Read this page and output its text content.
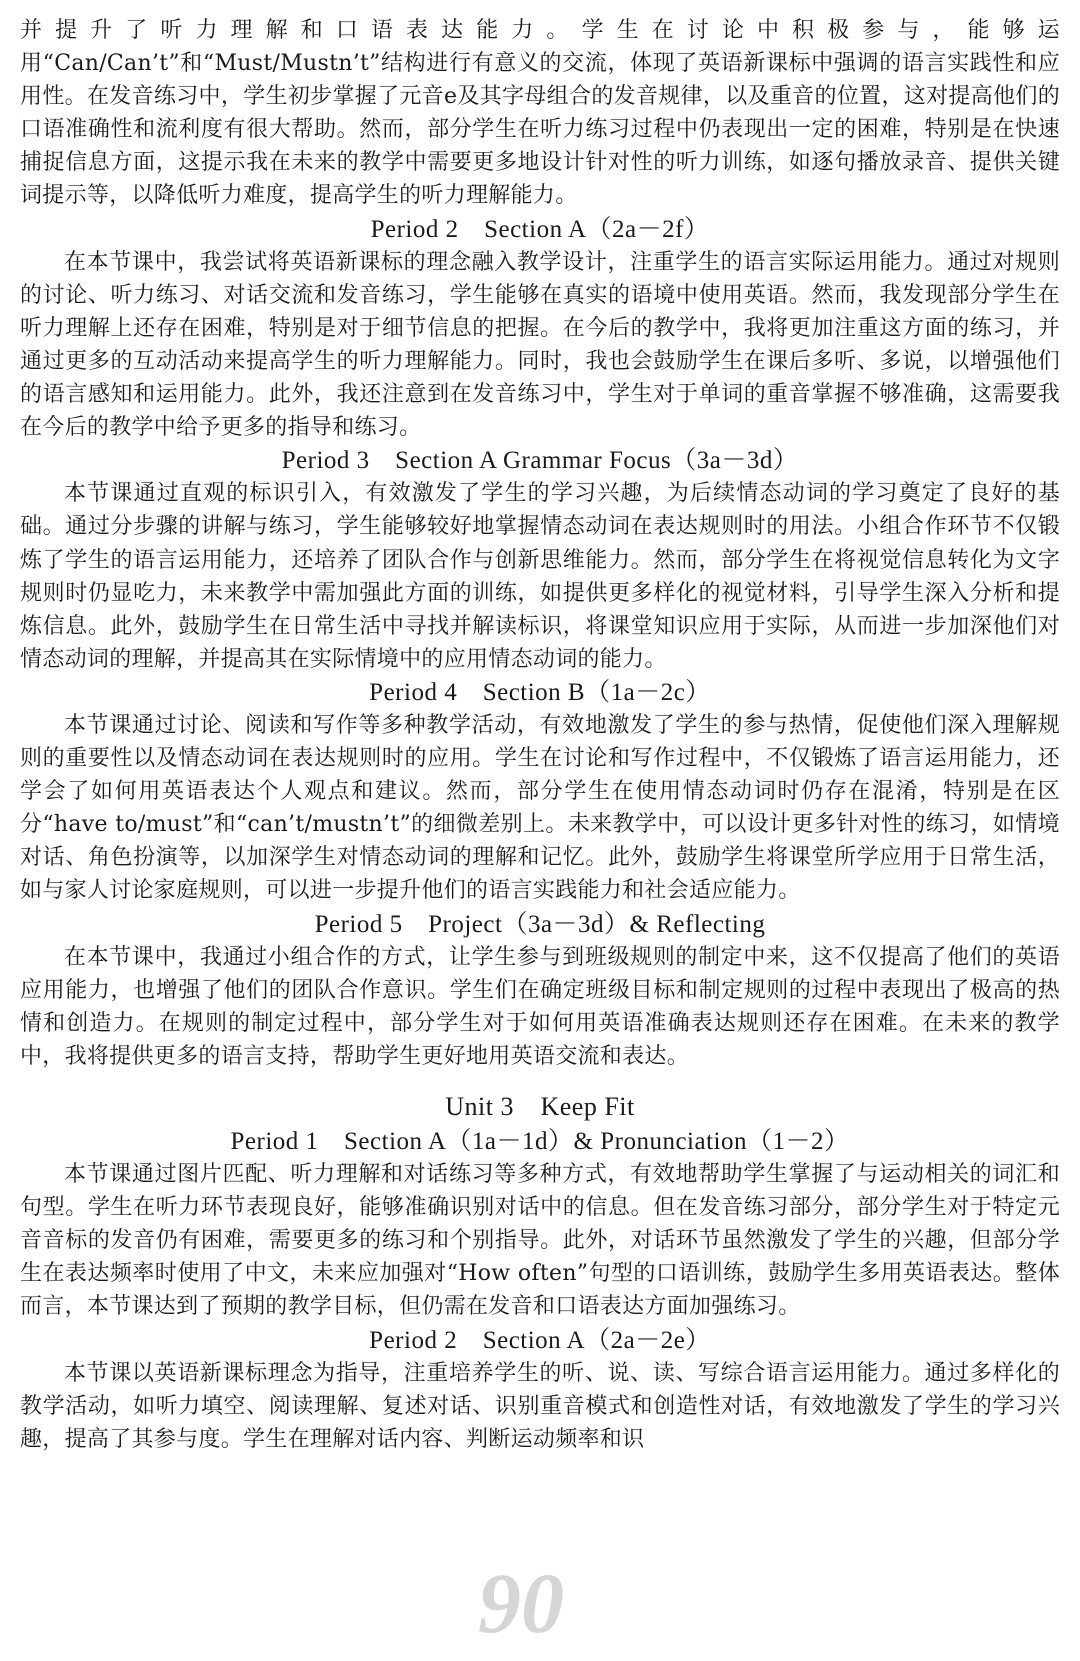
并提升了听力理解和口语表达能力。学生在讨论中积极参与，能够运用“Can/Can’t”和“Must/Mustn’t”结构进行有意义的交流，体现了英语新课标中强调的语言实践性和应用性。在发音练习中，学生初步掌握了元音e及其字母组合的发音规律，以及重音的位置，这对提高他们的口语准确性和流利度有很大帮助。然而，部分学生在听力练习过程中仍表现出一定的困难，特别是在快速捕捉信息方面，这提示我在未来的教学中需要更多地设计针对性的听力训练，如逐句播放录音、提供关键词提示等，以降低听力难度，提高学生的听力理解能力。

Period 2　Section A（2a－2f）

在本节课中，我尝试将英语新课标的理念融入教学设计，注重学生的语言实际运用能力。通过对规则的讨论、听力练习、对话交流和发音练习，学生能够在真实的语境中使用英语。然而，我发现部分学生在听力理解上还存在困难，特别是对于细节信息的把握。在今后的教学中，我将更加注重这方面的练习，并通过更多的互动活动来提高学生的听力理解能力。同时，我也会鼓励学生在课后多听、多说，以增强他们的语言感知和运用能力。此外，我还注意到在发音练习中，学生对于单词的重音掌握不够准确，这需要我在今后的教学中给予更多的指导和练习。

Period 3　Section A Grammar Focus（3a－3d）

本节课通过直观的标识引入，有效激发了学生的学习兴趣，为后续情态动词的学习奠定了良好的基础。通过分步骤的讲解与练习，学生能够较好地掌握情态动词在表达规则时的用法。小组合作环节不仅锻炼了学生的语言运用能力，还培养了团队合作与创新思维能力。然而，部分学生在将视觉信息转化为文字规则时仍显吃力，未来教学中需加强此方面的训练，如提供更多样化的视觉材料，引导学生深入分析和提炼信息。此外，鼓励学生在日常生活中寻找并解读标识，将课堂知识应用于实际，从而进一步加深他们对情态动词的理解，并提高其在实际情境中的应用情态动词的能力。

Period 4　Section B（1a－2c）

本节课通过讨论、阅读和写作等多种教学活动，有效地激发了学生的参与热情，促使他们深入理解规则的重要性以及情态动词在表达规则时的应用。学生在讨论和写作过程中，不仅锻炼了语言运用能力，还学会了如何用英语表达个人观点和建议。然而，部分学生在使用情态动词时仍存在混淆，特别是在区分“have to/must”和“can’t/mustn’t”的细微差别上。未来教学中，可以设计更多针对性的练习，如情境对话、角色扮演等，以加深学生对情态动词的理解和记忆。此外，鼓励学生将课堂所学应用于日常生活，如与家人讨论家庭规则，可以进一步提升他们的语言实践能力和社会适应能力。

Period 5　Project（3a－3d）& Reflecting

在本节课中，我通过小组合作的方式，让学生参与到班级规则的制定中来，这不仅提高了他们的英语应用能力，也增强了他们的团队合作意识。学生们在确定班级目标和制定规则的过程中表现出了极高的热情和创造力。在规则的制定过程中，部分学生对于如何用英语准确表达规则还存在困难。在未来的教学中，我将提供更多的语言支持，帮助学生更好地用英语交流和表达。

Unit 3　Keep Fit
Period 1　Section A（1a－1d）& Pronunciation（1－2）

本节课通过图片匹配、听力理解和对话练习等多种方式，有效地帮助学生掌握了与运动相关的词汇和句型。学生在听力环节表现良好，能够准确识别对话中的信息。但在发音练习部分，部分学生对于特定元音音标的发音仍有困难，需要更多的练习和个别指导。此外，对话环节虽然激发了学生的兴趣，但部分学生在表达频率时使用了中文，未来应加强对“How often”句型的口语训练，鼓励学生多用英语表达。整体而言，本节课达到了预期的教学目标，但仍需在发音和口语表达方面加强练习。

Period 2　Section A（2a－2e）

本节课以英语新课标理念为指导，注重培养学生的听、说、读、写综合语言运用能力。通过多样化的教学活动，如听力填空、阅读理解、复述对话、识别重音模式和创造性对话，有效地激发了学生的学习兴趣，提高了其参与度。学生在理解对话内容、判断运动频率和识

90
